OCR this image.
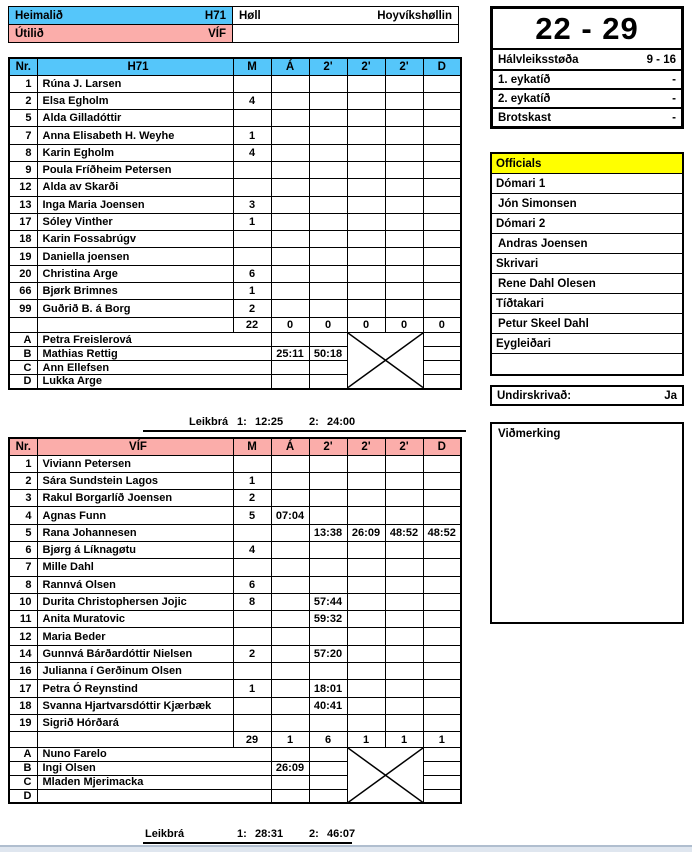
Heimalið H71	Høll Hoyvíkshøllin

Útilið VÍF	

Nr.	H71	M	Á	2'	2'	2'	D
1	Rúna J. Larsen						
2	Elsa Egholm	4					
5	Alda Gilladóttir						
7	Anna Elisabeth H. Weyhe	1					
8	Karin Egholm	4					
9	Poula Fríðheim Petersen						
12	Alda av Skarði						
13	Inga Maria Joensen	3					
17	Sóley Vinther	1					
18	Karin Fossabrúgv						
19	Daniella joensen						
20	Christina Arge	6					
66	Bjørk Brimnes	1					
99	Guðrið B. á Borg	2					
		22	0	0	0	0	0
A	Petra Freislerová			

B	Mathias Rettig		25:11	50:18			
C	Ann Ellefsen						
D	Lukka Arge						
Leikbrá 1: 12:25 2: 24:00
Nr.	VÍF	M	Á	2'	2'	2'	D
1	Viviann Petersen						
2	Sára Sundstein Lagos	1					
3	Rakul Borgarlíð Joensen	2					
4	Agnas Funn	5	07:04				
5	Rana Johannesen			13:38	26:09	48:52	48:52
6	Bjørg á Líknagøtu	4					
7	Mille Dahl						
8	Rannvá Olsen	6					
10	Durita Christophersen Jojic	8		57:44			
11	Anita Muratovic			59:32			
12	Maria Beder						
14	Gunnvá Bárðardóttir Nielsen	2		57:20			
16	Julianna í Gerðinum Olsen						
17	Petra Ó Reynstind	1		18:01			
18	Svanna Hjartvarsdóttir Kjærbæk			40:41			
19	Sigrið Hórðará						
		29	1	6	1	1	1
A	Nuno Farelo			

B	Ingi Olsen		26:09				
C	Mladen Mjerimacka						
D							
Leikbrá	1: 28:31 2: 46:07
22 - 29
Hálvleiksstøða	9 - 16
1. eykatíð	-
2. eykatíð	-
Brotskast	-
Officials
Dómari 1
Jón Simonsen
Dómari 2
Andras Joensen
Skrivari
Rene Dahl Olesen
Tíðtakari
Petur Skeel Dahl
Eygleiðari
Undirskrivað:	Ja
Viðmerking
